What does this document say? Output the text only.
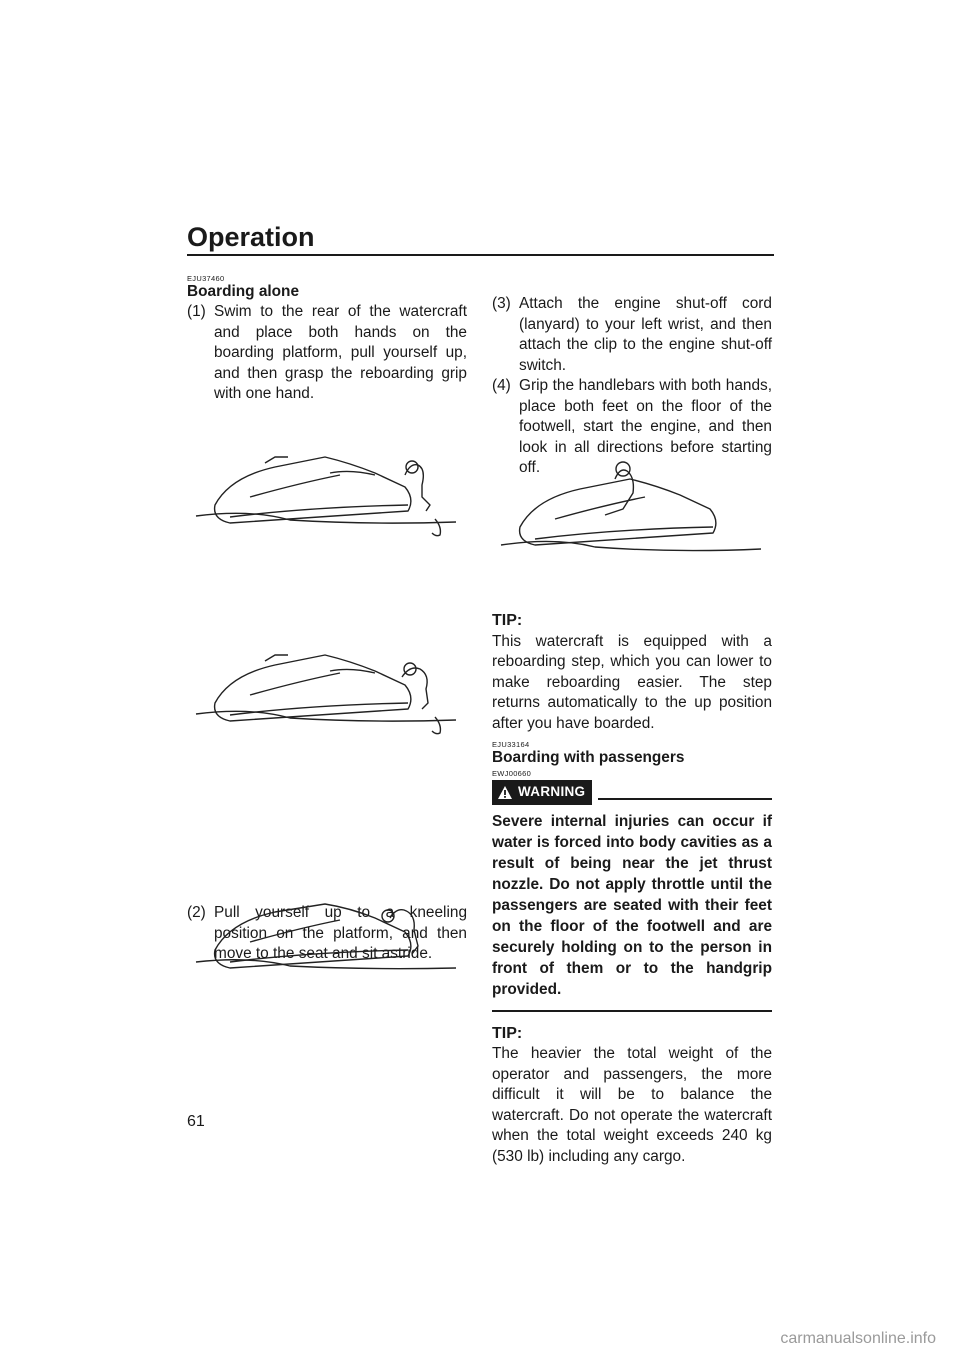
Operation
EJU37460
Boarding alone
(1) Swim to the rear of the watercraft and place both hands on the boarding platform, pull yourself up, and then grasp the reboarding grip with one hand.
(2) Pull yourself up to a kneeling position on the platform, and then move to the seat and sit astride.
(3) Attach the engine shut-off cord (lanyard) to your left wrist, and then attach the clip to the engine shut-off switch.
(4) Grip the handlebars with both hands, place both feet on the floor of the footwell, start the engine, and then look in all directions before starting off.
TIP:
This watercraft is equipped with a reboarding step, which you can lower to make reboarding easier. The step returns automatically to the up position after you have boarded.
EJU33164
Boarding with passengers
EWJ00660
WARNING
Severe internal injuries can occur if water is forced into body cavities as a result of being near the jet thrust nozzle. Do not apply throttle until the passengers are seated with their feet on the floor of the footwell and are securely holding on to the person in front of them or to the handgrip provided.
TIP:
The heavier the total weight of the operator and passengers, the more difficult it will be to balance the watercraft. Do not operate the watercraft when the total weight exceeds 240 kg (530 lb) including any cargo.
61
carmanualsonline.info
